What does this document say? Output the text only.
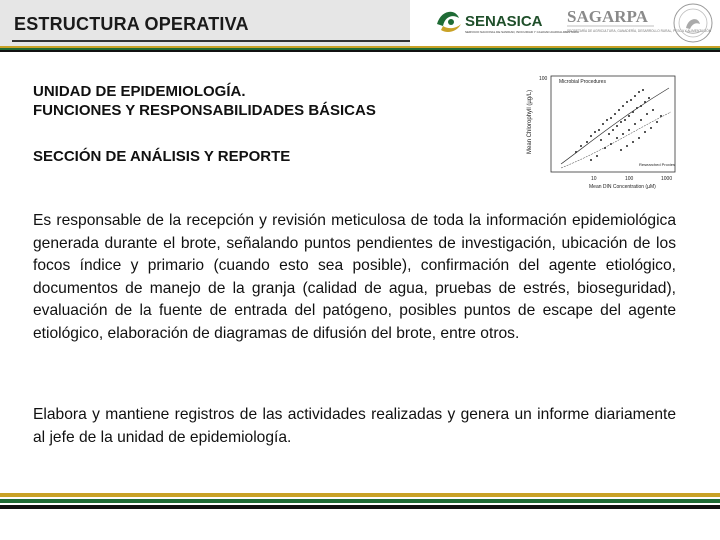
ESTRUCTURA OPERATIVA	SENASICA
SERVICIO NACIONAL DE SANIDAD, INOCUIDAD Y CALIDAD AGROALIMENTARIA
SAGARPA
SECRETARÍA DE AGRICULTURA, GANADERÍA, DESARROLLO RURAL, PESCA Y ALIMENTACIÓN

UNIDAD DE EPIDEMIOLOGÍA.

FUNCIONES Y RESPONSABILIDADES BÁSICAS

SECCIÓN DE ANÁLISIS Y REPORTE

Microbial Procedures
Researched Proxies
100
Mean Chlorophyll (µg/L)
10	100	1000
Mean DIN Concentration (µM)

Es responsable de la recepción y revisión meticulosa de toda la información epidemiológica generada durante el brote, señalando puntos pendientes de investigación, ubicación de los focos índice y primario (cuando esto sea posible), confirmación del agente etiológico, documentos de manejo de la granja (calidad de agua, pruebas de estrés, bioseguridad), evaluación de la fuente de entrada del patógeno, posibles puntos de escape del agente etiológico, elaboración de diagramas de difusión del brote, entre otros.

Elabora y mantiene registros de las actividades realizadas y genera un informe diariamente al jefe de la unidad de epidemiología.
